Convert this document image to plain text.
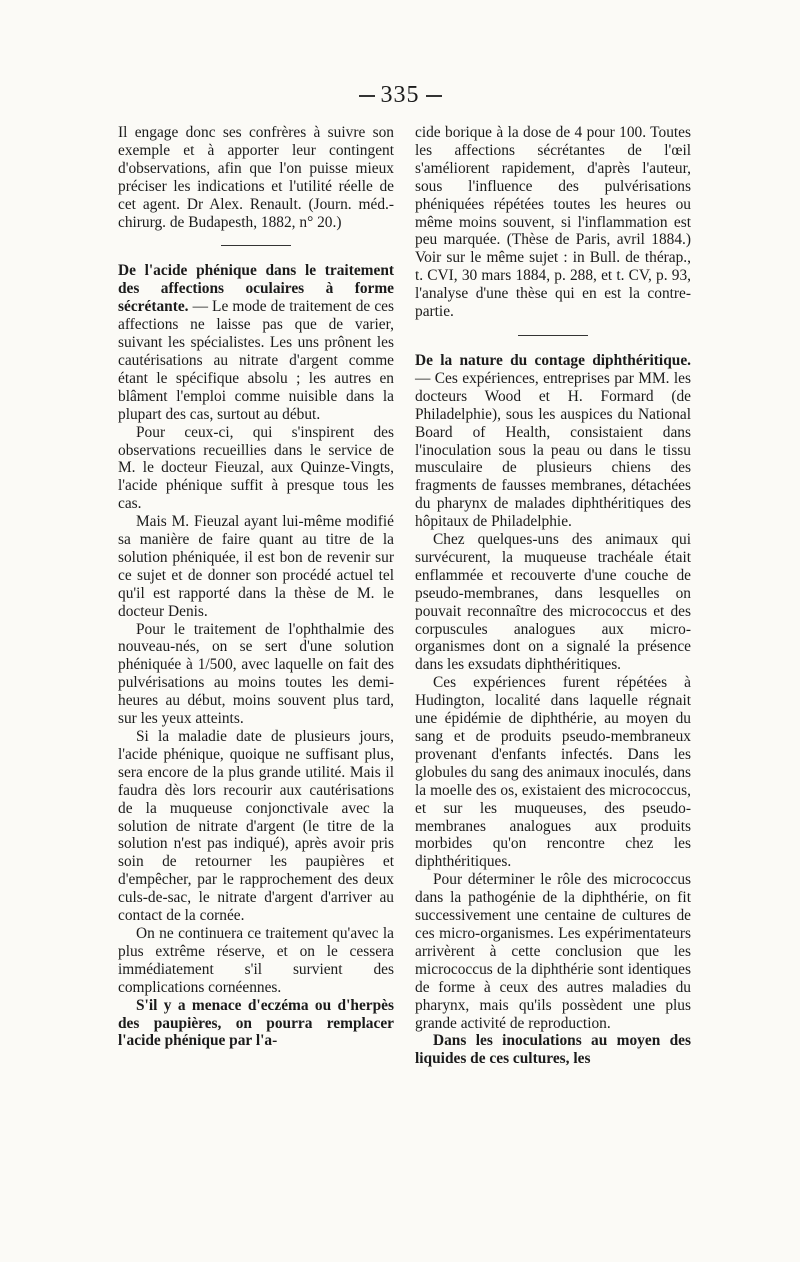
335

Il engage donc ses confrères à suivre son exemple et à apporter leur contingent d'observations, afin que l'on puisse mieux préciser les indications et l'utilité réelle de cet agent. Dr Alex. Renault. (Journ. méd.-chirurg. de Budapesth, 1882, n° 20.)

De l'acide phénique dans le traitement des affections oculaires à forme sécrétante. — Le mode de traitement de ces affections ne laisse pas que de varier, suivant les spécialistes. Les uns prônent les cautérisations au nitrate d'argent comme étant le spécifique absolu ; les autres en blâment l'emploi comme nuisible dans la plupart des cas, surtout au début.

Pour ceux-ci, qui s'inspirent des observations recueillies dans le service de M. le docteur Fieuzal, aux Quinze-Vingts, l'acide phénique suffit à presque tous les cas.

Mais M. Fieuzal ayant lui-même modifié sa manière de faire quant au titre de la solution phéniquée, il est bon de revenir sur ce sujet et de donner son procédé actuel tel qu'il est rapporté dans la thèse de M. le docteur Denis.

Pour le traitement de l'ophthalmie des nouveau-nés, on se sert d'une solution phéniquée à 1/500, avec laquelle on fait des pulvérisations au moins toutes les demi-heures au début, moins souvent plus tard, sur les yeux atteints.

Si la maladie date de plusieurs jours, l'acide phénique, quoique ne suffisant plus, sera encore de la plus grande utilité. Mais il faudra dès lors recourir aux cautérisations de la muqueuse conjonctivale avec la solution de nitrate d'argent (le titre de la solution n'est pas indiqué), après avoir pris soin de retourner les paupières et d'empêcher, par le rapprochement des deux culs-de-sac, le nitrate d'argent d'arriver au contact de la cornée.

On ne continuera ce traitement qu'avec la plus extrême réserve, et on le cessera immédiatement s'il survient des complications cornéennes.

S'il y a menace d'eczéma ou d'herpès des paupières, on pourra remplacer l'acide phénique par l'a-

cide borique à la dose de 4 pour 100. Toutes les affections sécrétantes de l'œil s'améliorent rapidement, d'après l'auteur, sous l'influence des pulvérisations phéniquées répétées toutes les heures ou même moins souvent, si l'inflammation est peu marquée. (Thèse de Paris, avril 1884.) Voir sur le même sujet : in Bull. de thérap., t. CVI, 30 mars 1884, p. 288, et t. CV, p. 93, l'analyse d'une thèse qui en est la contre-partie.

De la nature du contage diphthéritique. — Ces expériences, entreprises par MM. les docteurs Wood et H. Formard (de Philadelphie), sous les auspices du National Board of Health, consistaient dans l'inoculation sous la peau ou dans le tissu musculaire de plusieurs chiens des fragments de fausses membranes, détachées du pharynx de malades diphthéritiques des hôpitaux de Philadelphie.

Chez quelques-uns des animaux qui survécurent, la muqueuse trachéale était enflammée et recouverte d'une couche de pseudo-membranes, dans lesquelles on pouvait reconnaître des micrococcus et des corpuscules analogues aux micro-organismes dont on a signalé la présence dans les exsudats diphthéritiques.

Ces expériences furent répétées à Hudington, localité dans laquelle régnait une épidémie de diphthérie, au moyen du sang et de produits pseudo-membraneux provenant d'enfants infectés. Dans les globules du sang des animaux inoculés, dans la moelle des os, existaient des micrococcus, et sur les muqueuses, des pseudo-membranes analogues aux produits morbides qu'on rencontre chez les diphthéritiques.

Pour déterminer le rôle des micrococcus dans la pathogénie de la diphthérie, on fit successivement une centaine de cultures de ces micro-organismes. Les expérimentateurs arrivèrent à cette conclusion que les micrococcus de la diphthérie sont identiques de forme à ceux des autres maladies du pharynx, mais qu'ils possèdent une plus grande activité de reproduction.

Dans les inoculations au moyen des liquides de ces cultures, les
